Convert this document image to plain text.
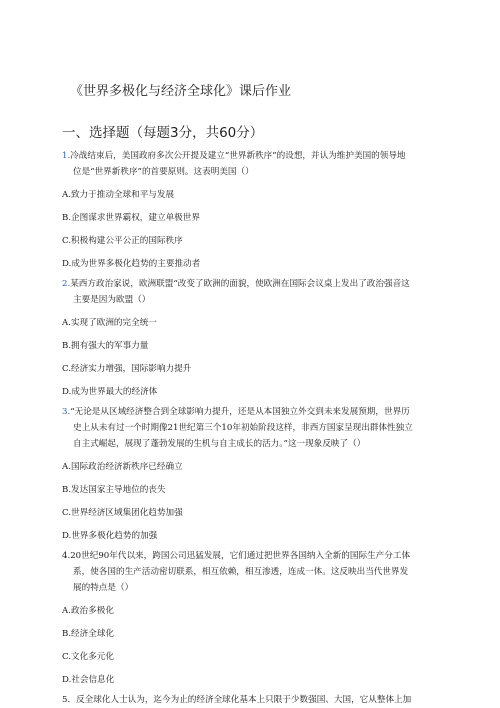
《世界多极化与经济全球化》课后作业
一、选择题（每题3分，共60分）
1.冷战结束后，美国政府多次公开提及建立“世界新秩序”的设想，并认为维护美国的领导地
位是“世界新秩序”的首要原则。这表明美国（）
A.致力于推动全球和平与发展
B.企图谋求世界霸权，建立单极世界
C.积极构建公平公正的国际秩序
D.成为世界多极化趋势的主要推动者
2.某西方政治家说，欧洲联盟“改变了欧洲的面貌，使欧洲在国际会议桌上发出了政治强音这
主要是因为欧盟（）
A.实现了欧洲的完全统一
B.拥有强大的军事力量
C.经济实力增强，国际影响力提升
D.成为世界最大的经济体
3.“无论是从区域经济整合到全球影响力提升，还是从本国独立外交到未来发展预期，世界历
史上从未有过一个时期像21世纪第三个10年初始阶段这样，非西方国家呈现出群体性独立
自主式崛起，展现了蓬勃发展的生机与自主成长的活力。”这一现象反映了（）
A.国际政治经济新秩序已经确立
B.发达国家主导地位的丧失
C.世界经济区域集团化趋势加强
D.世界多极化趋势的加强
4.20世纪90年代以来，跨国公司迅猛发展，它们通过把世界各国纳入全新的国际生产分工体
系，使各国的生产活动密切联系，相互依赖，相互渗透，连成一体。这反映出当代世界发
展的特点是（）
A.政治多极化
B.经济全球化
C.文化多元化
D.社会信息化
5．反全球化人士认为，迄今为止的经济全球化基本上只限于少数强国、大国，它从整体上加
